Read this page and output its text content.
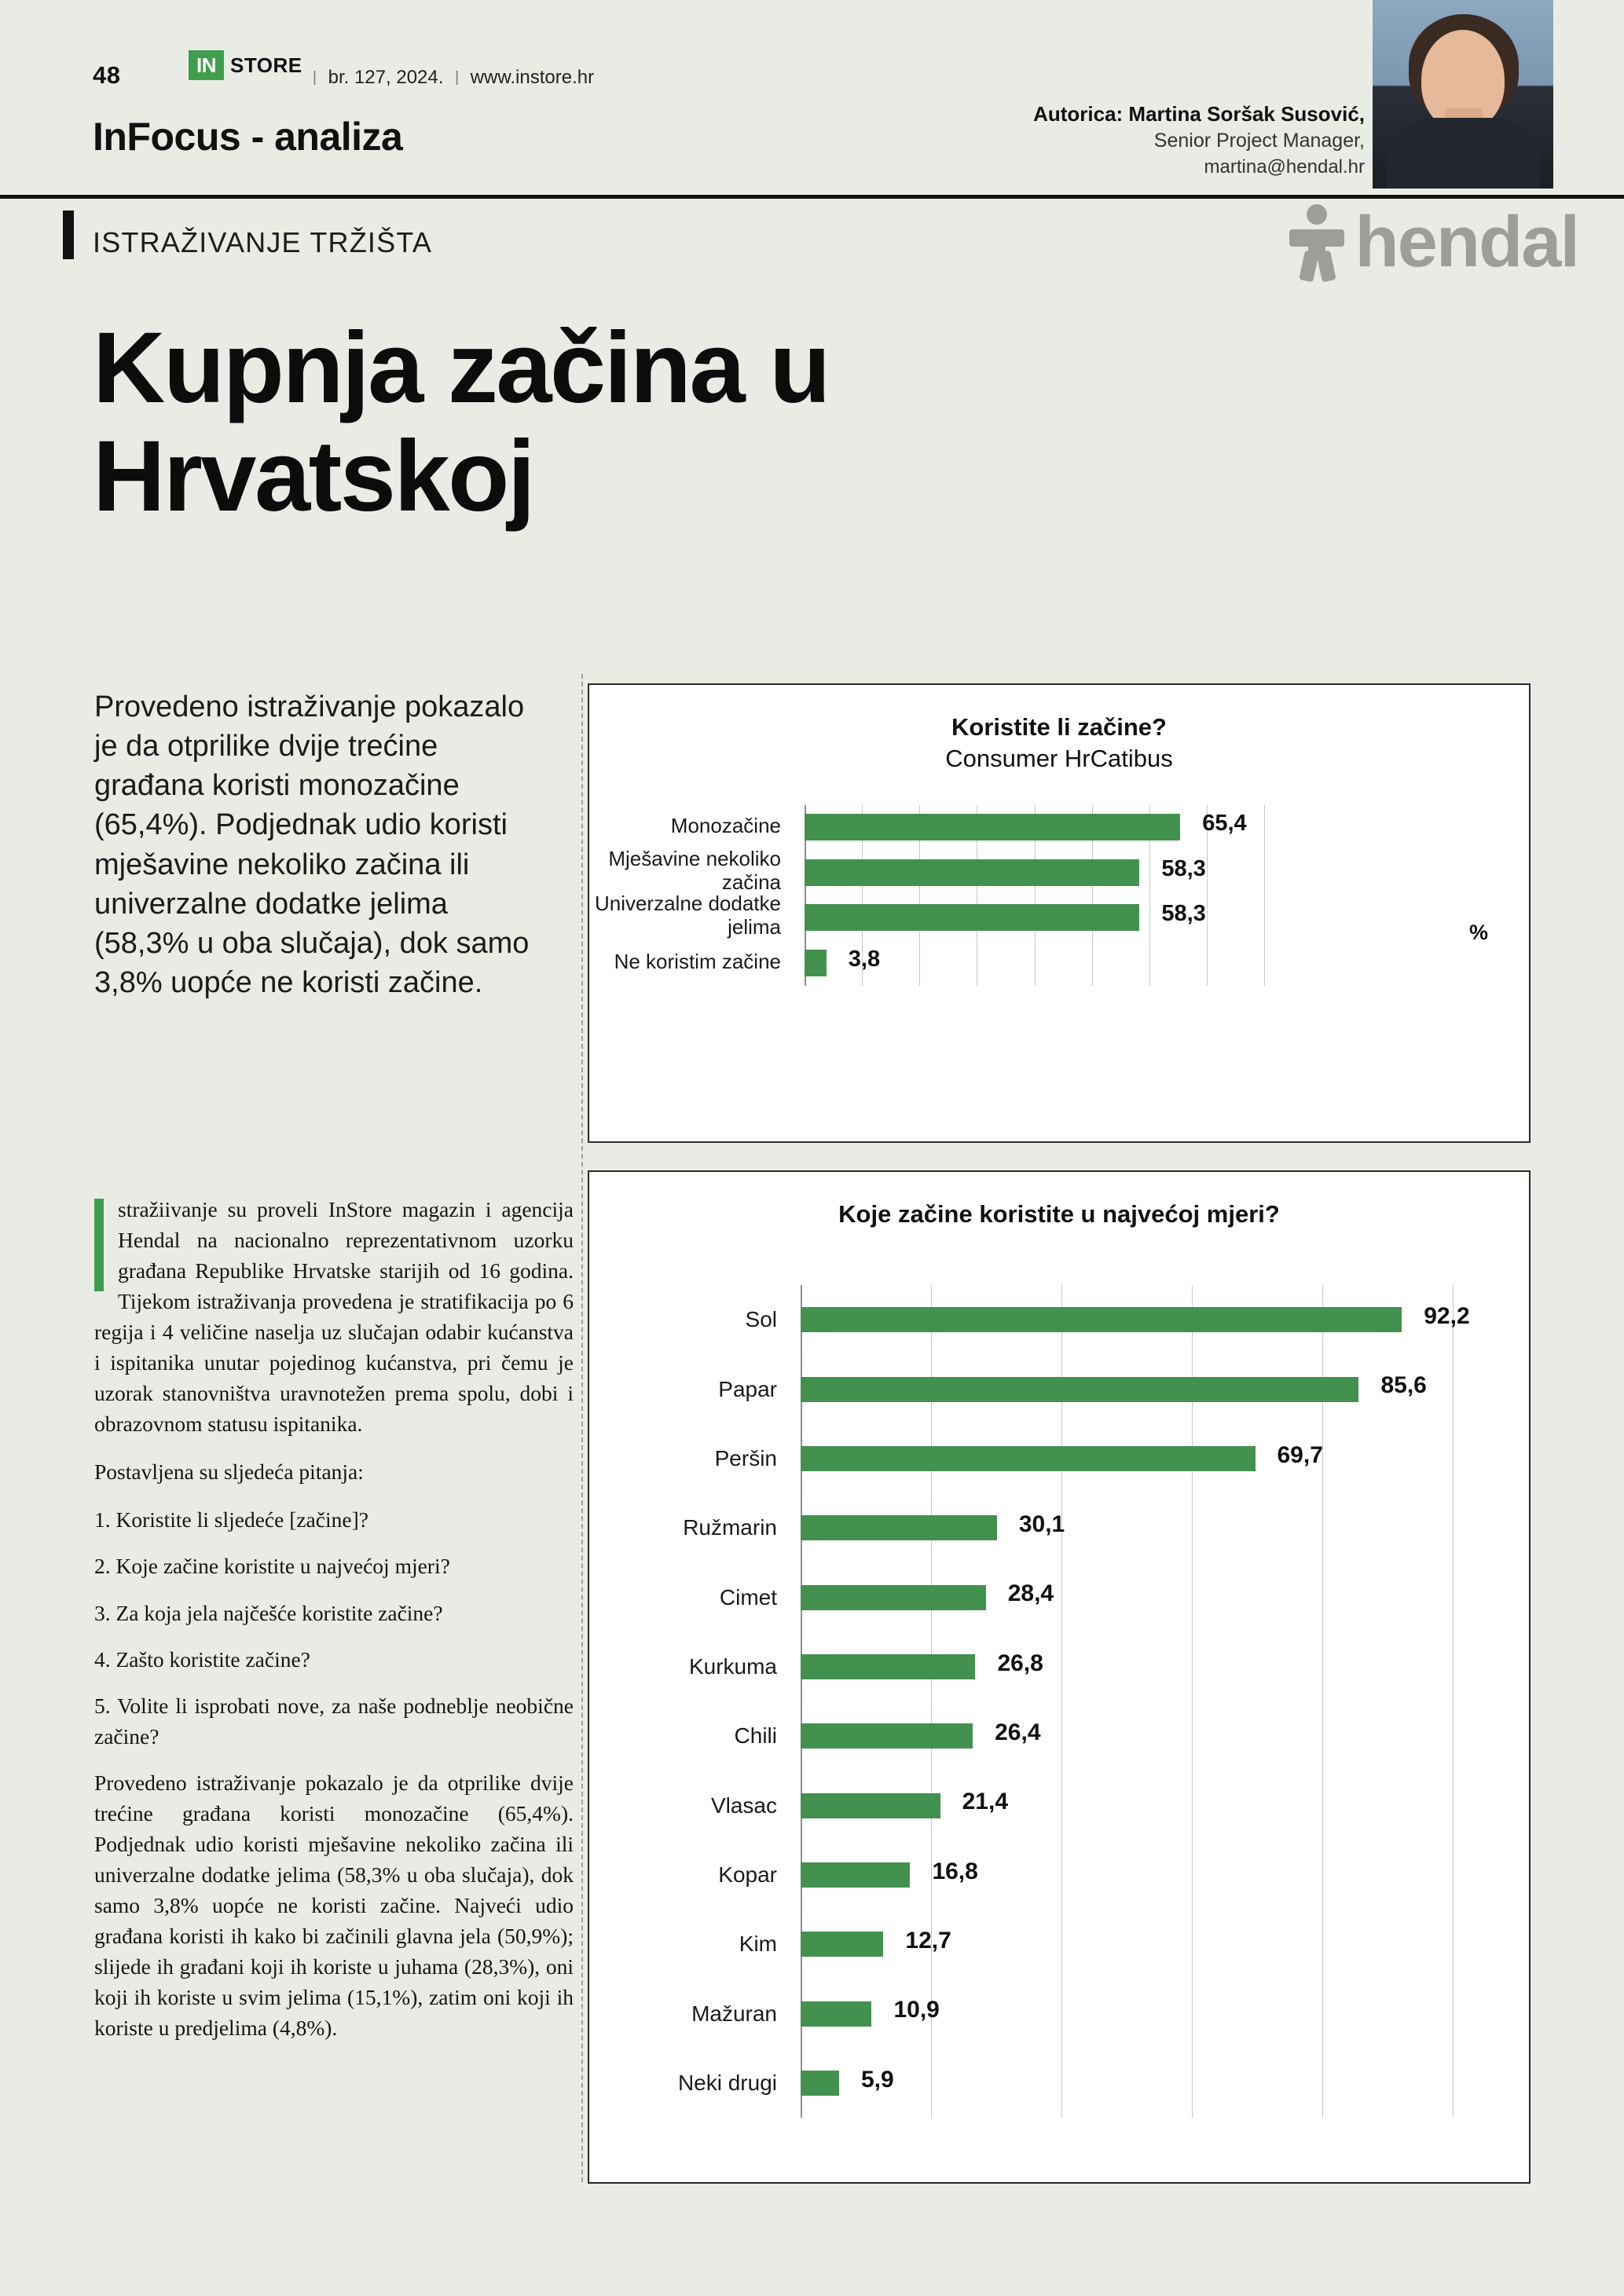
48	IN STORE
| br. 127, 2024. | www.instore.hr
InFocus - analiza
Autorica: Martina Soršak Susović,
Senior Project Manager,
martina@hendal.hr
ISTRAŽIVANJE TRŽIŠTA	hendal
Kupnja začina u Hrvatskoj
Provedeno istraživanje pokazalo je da otprilike dvije trećine građana koristi monozačine (65,4%). Podjednak udio koristi mješavine nekoliko začina ili univerzalne dodatke jelima (58,3% u oba slučaja), dok samo 3,8% uopće ne koristi začine.

stražiivanje su proveli InStore magazin i agencija Hendal na nacionalno reprezentativnom uzorku građana Republike Hrvatske starijih od 16 godina. Tijekom istraživanja provedena je stratifikacija po 6 regija i 4 veličine naselja uz slučajan odabir kućanstva i ispitanika unutar pojedinog kućanstva, pri čemu je uzorak stanovništva uravnotežen prema spolu, dobi i obrazovnom statusu ispitanika.

Postavljena su sljedeća pitanja:

1. Koristite li sljedeće [začine]?
2. Koje začine koristite u najvećoj mjeri?
3. Za koja jela najčešće koristite začine?
4. Zašto koristite začine?
5. Volite li isprobati nove, za naše podneblje neobične začine?

Provedeno istraživanje pokazalo je da otprilike dvije trećine građana koristi monozačine (65,4%). Podjednak udio koristi mješavine nekoliko začina ili univerzalne dodatke jelima (58,3% u oba slučaja), dok samo 3,8% uopće ne koristi začine. Najveći udio građana koristi ih kako bi začinili glavna jela (50,9%); slijede ih građani koji ih koriste u juhama (28,3%), oni koji ih koriste u svim jelima (15,1%), zatim oni koji ih koriste u predjelima (4,8%).

Koristite li začine?
Consumer HrCatibus
65,4
58,3
58,3
3,8
Monozačine
Mješavine nekoliko začina
Univerzalne dodatke jelima
Ne koristim začine
%
Koje začine koristite u najvećoj mjeri?
92,2
85,6
69,7
30,1
28,4
26,8
26,4
21,4
16,8
12,7
10,9
5,9
Sol
Papar
Peršin
Ružmarin
Cimet
Kurkuma
Chili
Vlasac
Kopar
Kim
Mažuran
Neki drugi
